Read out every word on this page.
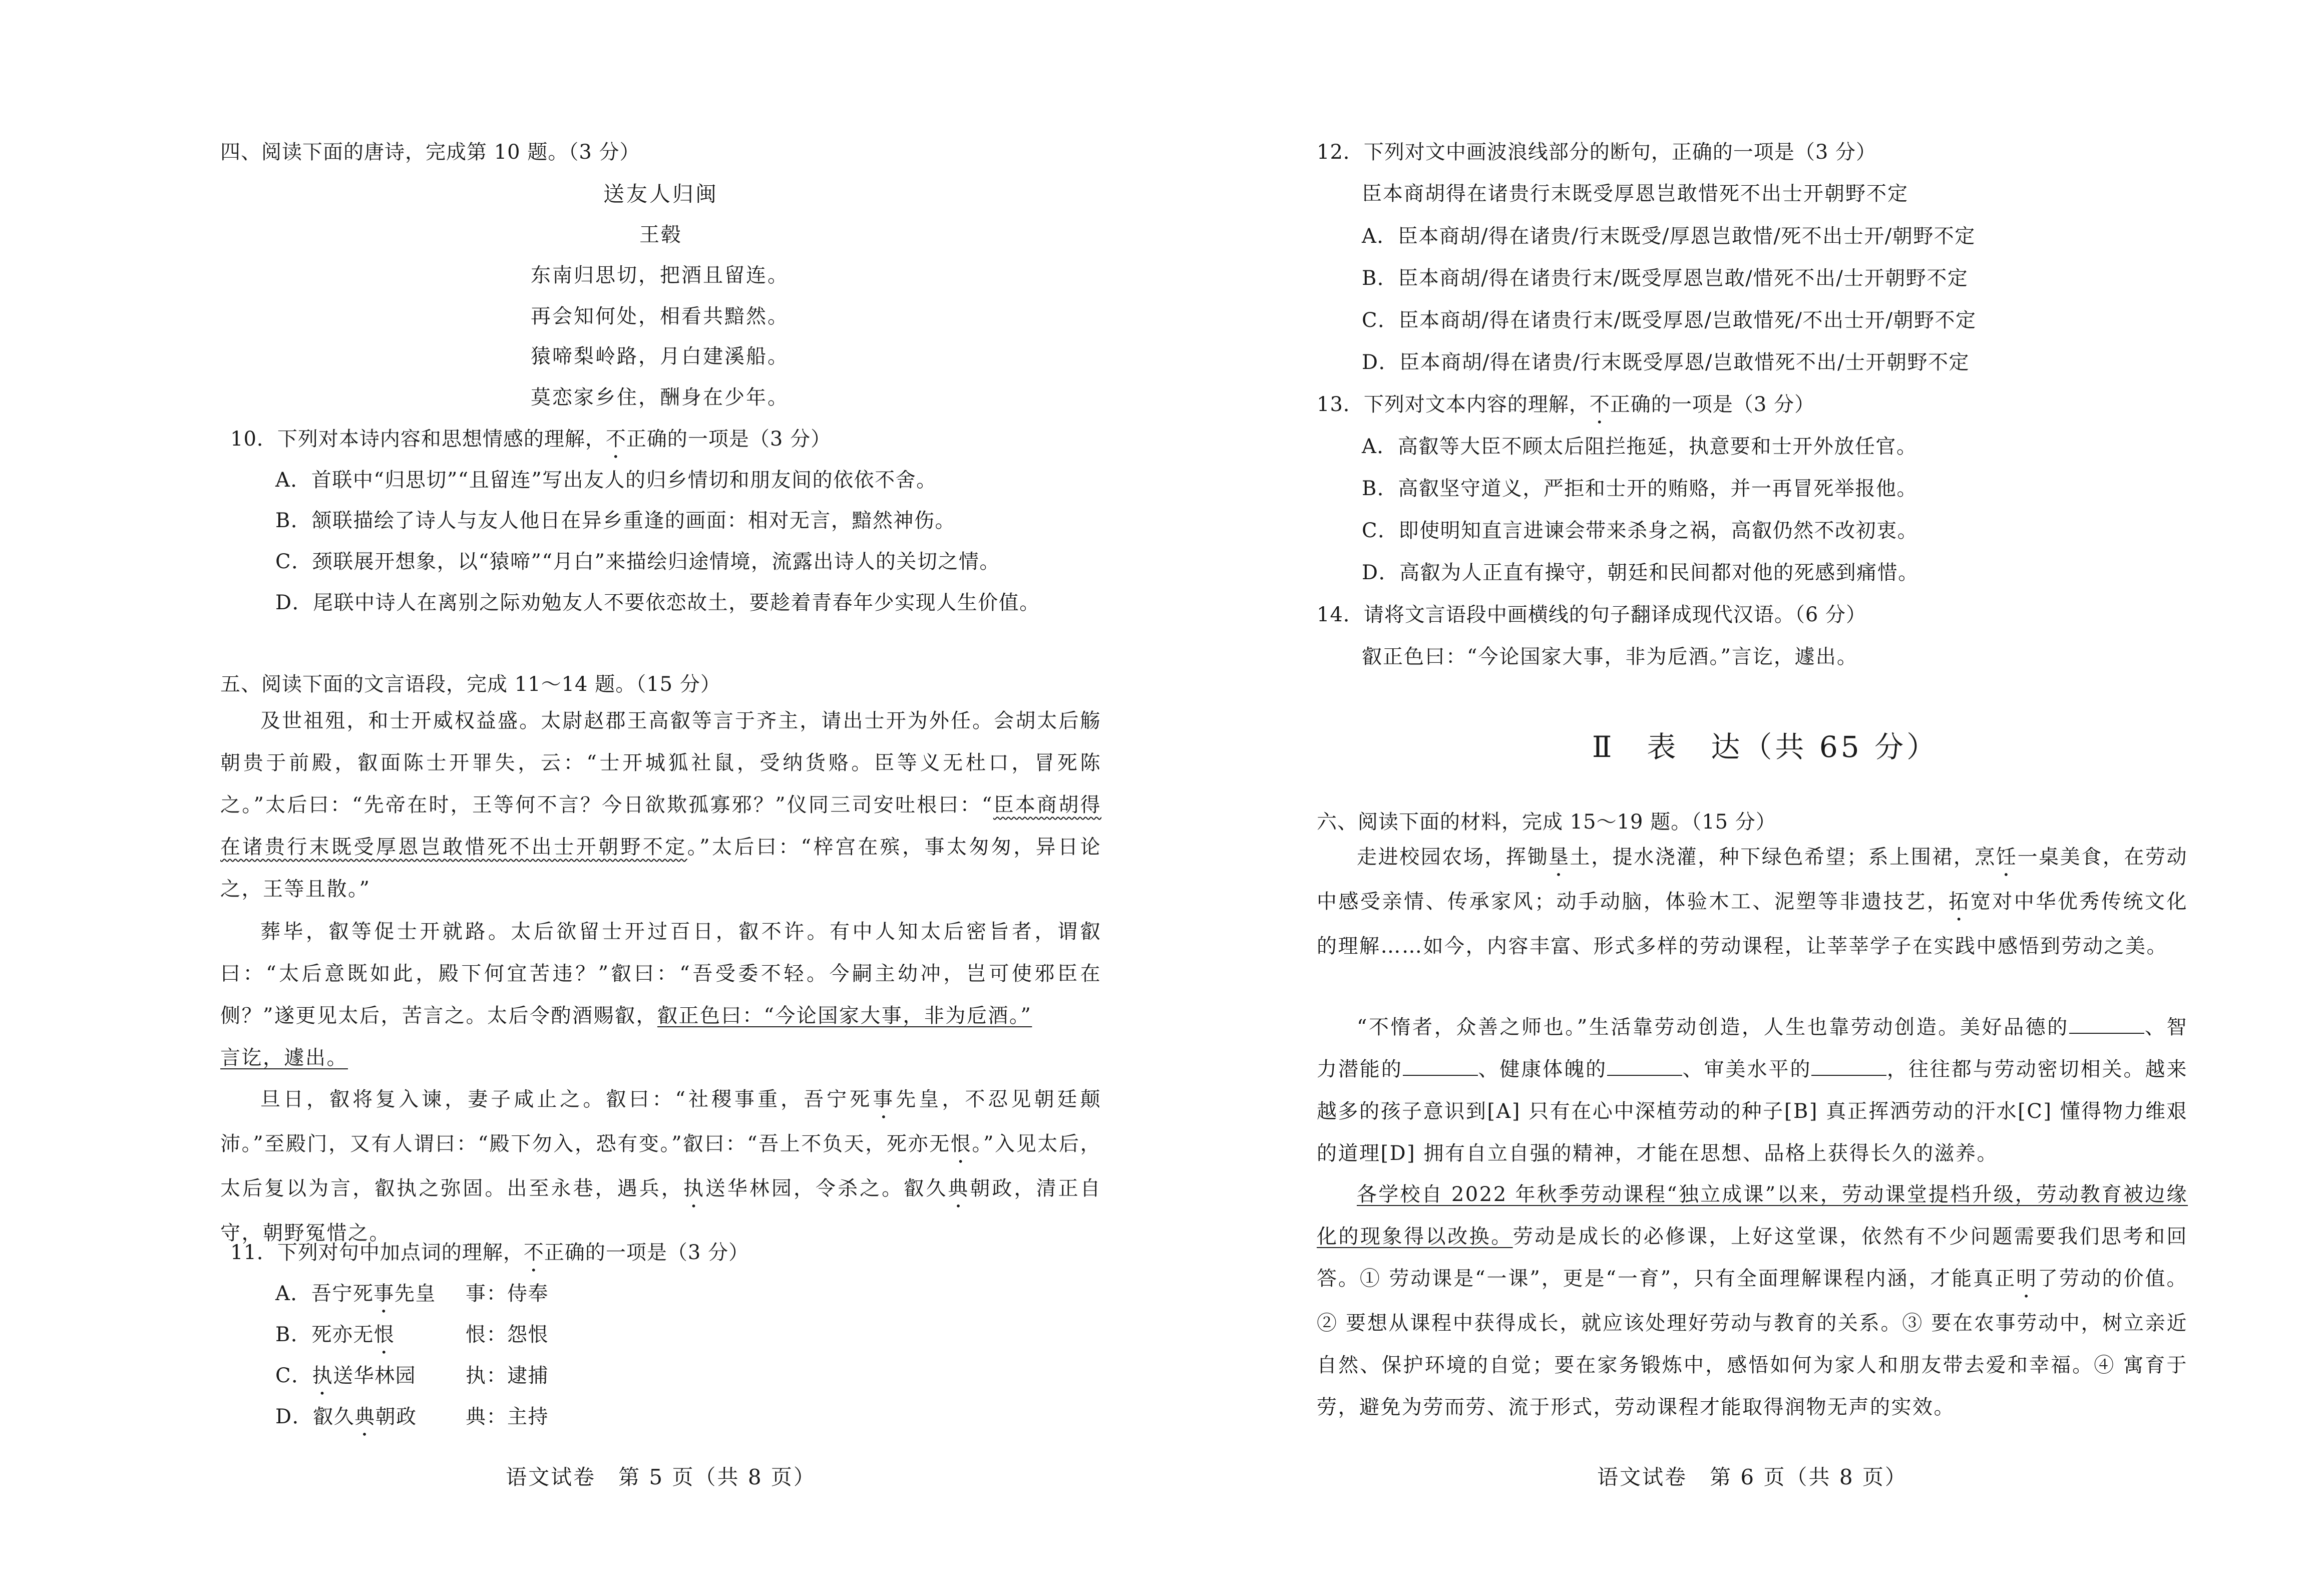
四、阅读下面的唐诗，完成第 10 题。（3 分）
送友人归闽
王毂
东南归思切，把酒且留连。
再会知何处，相看共黯然。
猿啼梨岭路，月白建溪船。
莫恋家乡住，酬身在少年。
10．下列对本诗内容和思想情感的理解，不正确的一项是（3 分）
A．首联中“归思切”“且留连”写出友人的归乡情切和朋友间的依依不舍。
B．颔联描绘了诗人与友人他日在异乡重逢的画面：相对无言，黯然神伤。
C．颈联展开想象，以“猿啼”“月白”来描绘归途情境，流露出诗人的关切之情。
D．尾联中诗人在离别之际劝勉友人不要依恋故土，要趁着青春年少实现人生价值。
五、阅读下面的文言语段，完成 11～14 题。（15 分）
及世祖殂，和士开威权益盛。太尉赵郡王高叡等言于齐主，请出士开为外任。会胡太后觞朝贵于前殿，叡面陈士开罪失，云：“士开城狐社鼠，受纳货赂。臣等义无杜口，冒死陈之。”太后曰：“先帝在时，王等何不言？今日欲欺孤寡邪？”仪同三司安吐根曰：“臣本商胡得在诸贵行末既受厚恩岂敢惜死不出士开朝野不定。”太后曰：“梓宫在殡，事太匆匆，异日论之，王等且散。”
葬毕，叡等促士开就路。太后欲留士开过百日，叡不许。有中人知太后密旨者，谓叡曰：“太后意既如此，殿下何宜苦违？”叡曰：“吾受委不轻。今嗣主幼冲，岂可使邪臣在侧？”遂更见太后，苦言之。太后令酌酒赐叡，叡正色曰：“今论国家大事，非为卮酒。”
言讫，遽出。
旦日，叡将复入谏，妻子咸止之。叡曰：“社稷事重，吾宁死事先皇，不忍见朝廷颠沛。”至殿门，又有人谓曰：“殿下勿入，恐有变。”叡曰：“吾上不负天，死亦无恨。”入见太后，太后复以为言，叡执之弥固。出至永巷，遇兵，执送华林园，令杀之。叡久典朝政，清正自守，朝野冤惜之。
11．下列对句中加点词的理解，不正确的一项是（3 分）
A．吾宁死事先皇 事：侍奉
B．死亦无恨	恨：怨恨
C．执送华林园 执：逮捕
D．叡久典朝政 典：主持
语文试卷　第 5 页（共 8 页）
12．下列对文中画波浪线部分的断句，正确的一项是（3 分）
臣本商胡得在诸贵行末既受厚恩岂敢惜死不出士开朝野不定
A．臣本商胡/得在诸贵/行末既受/厚恩岂敢惜/死不出士开/朝野不定
B．臣本商胡/得在诸贵行末/既受厚恩岂敢/惜死不出/士开朝野不定
C．臣本商胡/得在诸贵行末/既受厚恩/岂敢惜死/不出士开/朝野不定
D．臣本商胡/得在诸贵/行末既受厚恩/岂敢惜死不出/士开朝野不定
13．下列对文本内容的理解，不正确的一项是（3 分）
A．高叡等大臣不顾太后阻拦拖延，执意要和士开外放任官。
B．高叡坚守道义，严拒和士开的贿赂，并一再冒死举报他。
C．即使明知直言进谏会带来杀身之祸，高叡仍然不改初衷。
D．高叡为人正直有操守，朝廷和民间都对他的死感到痛惜。
14．请将文言语段中画横线的句子翻译成现代汉语。（6 分）
叡正色曰：“今论国家大事，非为卮酒。”言讫，遽出。
Ⅱ　表　达（共 65 分）
六、阅读下面的材料，完成 15～19 题。（15 分）
走进校园农场，挥锄垦土，提水浇灌，种下绿色希望；系上围裙，烹饪一桌美食，在劳动中感受亲情、传承家风；动手动脑，体验木工、泥塑等非遗技艺，拓宽对中华优秀传统文化的理解……如今，内容丰富、形式多样的劳动课程，让莘莘学子在实践中感悟到劳动之美。
“不惰者，众善之师也。”生活靠劳动创造，人生也靠劳动创造。美好品德的	、智力潜能的	、健康体魄的	、审美水平的	，往往都与劳动密切相关。越来越多的孩子意识到[A] 只有在心中深植劳动的种子[B] 真正挥洒劳动的汗水[C] 懂得物力维艰的道理[D] 拥有自立自强的精神，才能在思想、品格上获得长久的滋养。
各学校自 2022 年秋季劳动课程“独立成课”以来，劳动课堂提档升级，劳动教育被边缘化的现象得以改换。劳动是成长的必修课，上好这堂课，依然有不少问题需要我们思考和回答。① 劳动课是“一课”，更是“一育”，只有全面理解课程内涵，才能真正明了劳动的价值。② 要想从课程中获得成长，就应该处理好劳动与教育的关系。③ 要在农事劳动中，树立亲近自然、保护环境的自觉；要在家务锻炼中，感悟如何为家人和朋友带去爱和幸福。④ 寓育于劳，避免为劳而劳、流于形式，劳动课程才能取得润物无声的实效。
语文试卷　第 6 页（共 8 页）
